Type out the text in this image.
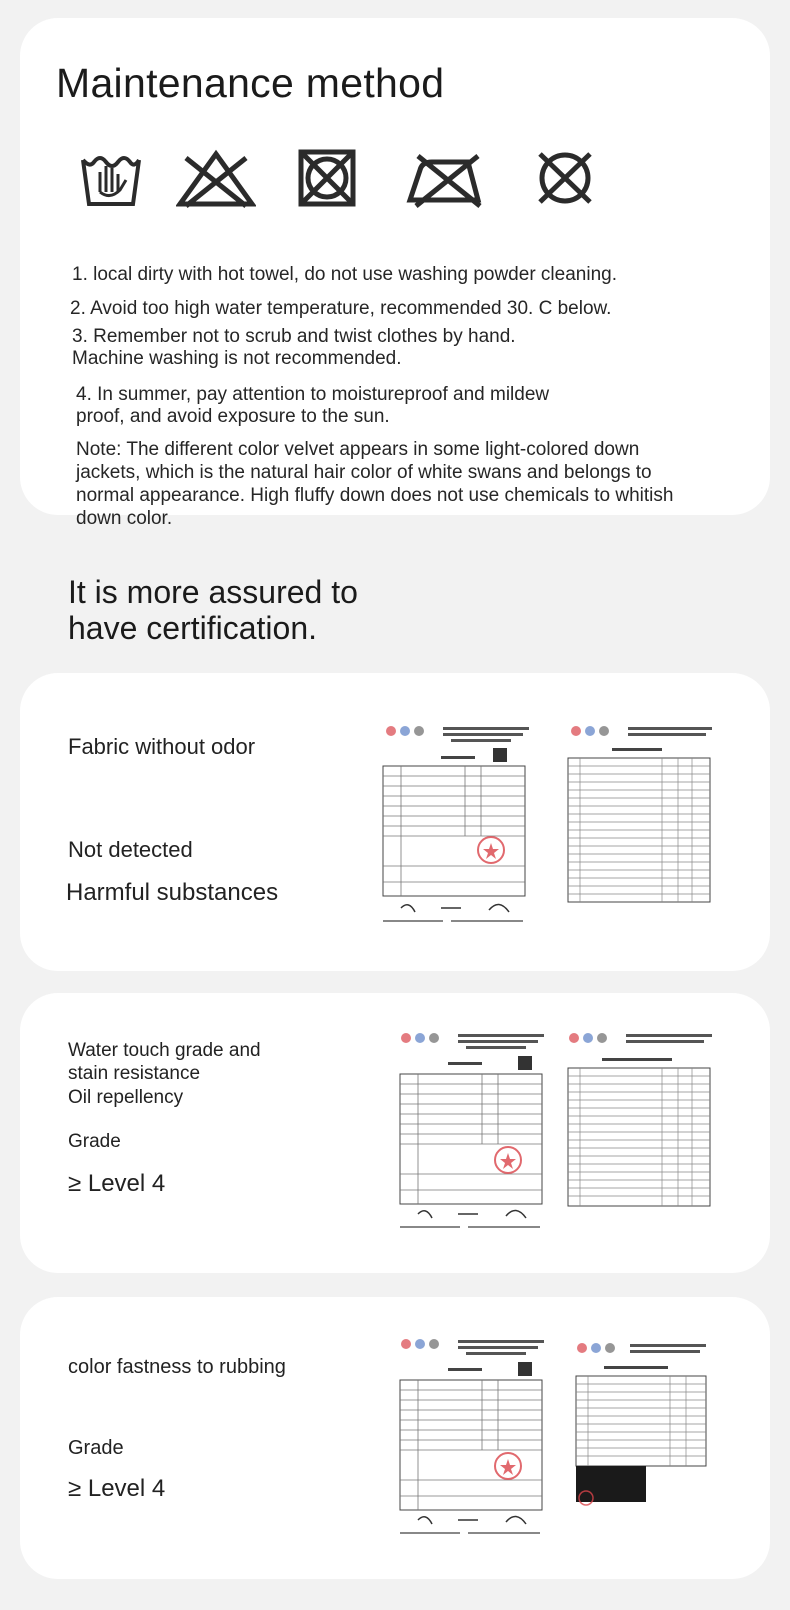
Maintenance method

1. local dirty with hot towel, do not use washing powder cleaning.

2. Avoid too high water temperature, recommended 30. C below.

3. Remember not to scrub and twist clothes by hand.

Machine washing is not recommended.

4. In summer, pay attention to moistureproof and mildew

proof, and avoid exposure to the sun.

Note: The different color velvet appears in some light-colored down

jackets, which is the natural hair color of white swans and belongs to

normal appearance. High fluffy down does not use chemicals to whitish

down color.

It is more assured to
have certification.

Fabric without odor

Not detected

Harmful substances

Water touch grade and

stain resistance

Oil repellency

Grade

≥ Level 4

color fastness to rubbing

Grade

≥ Level 4
